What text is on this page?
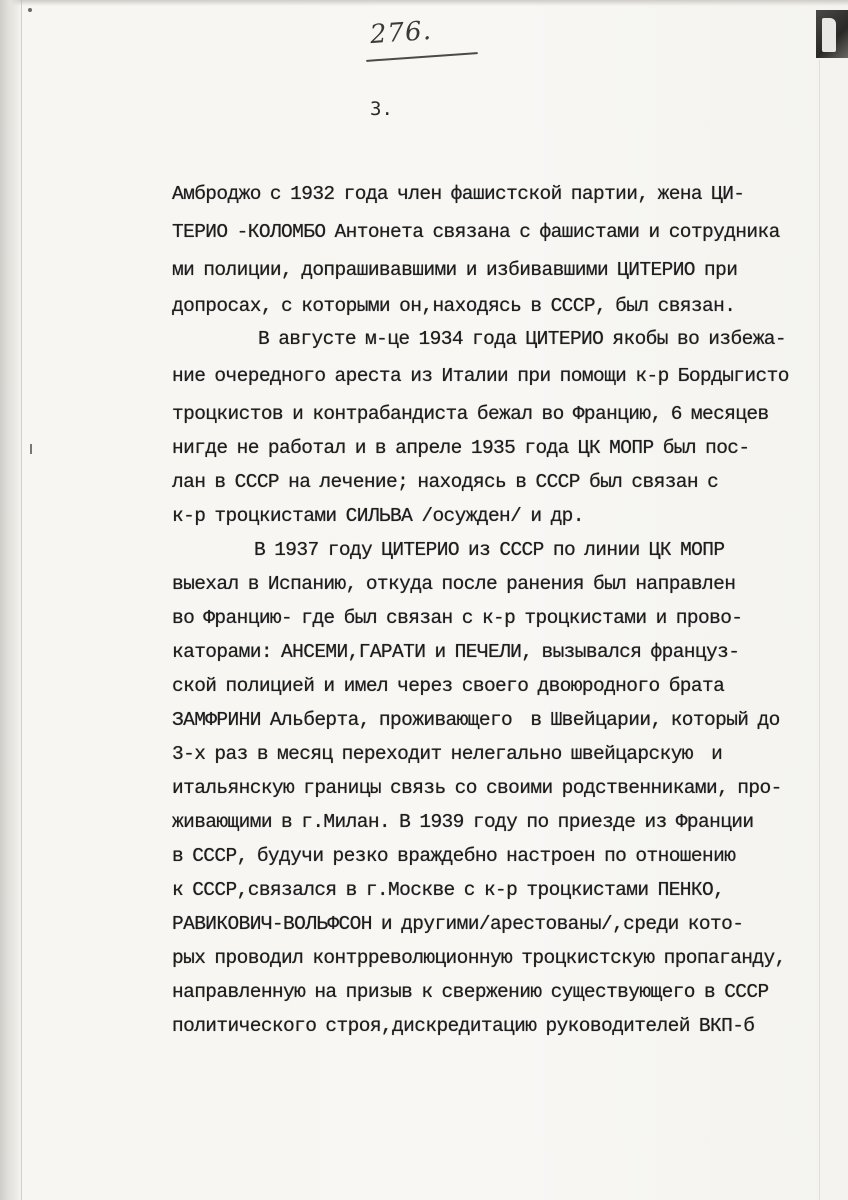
276.
3.
Амброджо с 1932 года член фашистской партии, жена ЦИ-
ТЕРИО -КОЛОМБО Антонета связана с фашистами и сотрудника
ми полиции, допрашивавшими и избивавшими ЦИТЕРИО при
допросах, с которыми он,находясь в СССР, был связан.
В августе м-це 1934 года ЦИТЕРИО якобы во избежа-
ние очередного ареста из Италии при помощи к-р Бордыгисто
троцкистов и контрабандиста бежал во Францию, 6 месяцев
нигде не работал и в апреле 1935 года ЦК МОПР был пос-
лан в СССР на лечение; находясь в СССР был связан с
к-р троцкистами СИЛЬВА /осужден/ и др.
В 1937 году ЦИТЕРИО из СССР по линии ЦК МОПР
выехал в Испанию, откуда после ранения был направлен
во Францию- где был связан с к-р троцкистами и прово-
каторами: АНСЕМИ,ГАРАТИ и ПЕЧЕЛИ, вызывался француз-
ской полицией и имел через своего двоюродного брата
ЗАМФРИНИ Альберта, проживающего  в Швейцарии, который до
3-х раз в месяц переходит нелегально швейцарскую  и
итальянскую границы связь со своими родственниками, про-
живающими в г.Милан. В 1939 году по приезде из Франции
в СССР, будучи резко враждебно настроен по отношению
к СССР,связался в г.Москве с к-р троцкистами ПЕНКО,
РАВИКОВИЧ-ВОЛЬФСОН и другими/арестованы/,среди кото-
рых проводил контрреволюционную троцкистскую пропаганду,
направленную на призыв к свержению существующего в СССР
политического строя,дискредитацию руководителей ВКП-б
